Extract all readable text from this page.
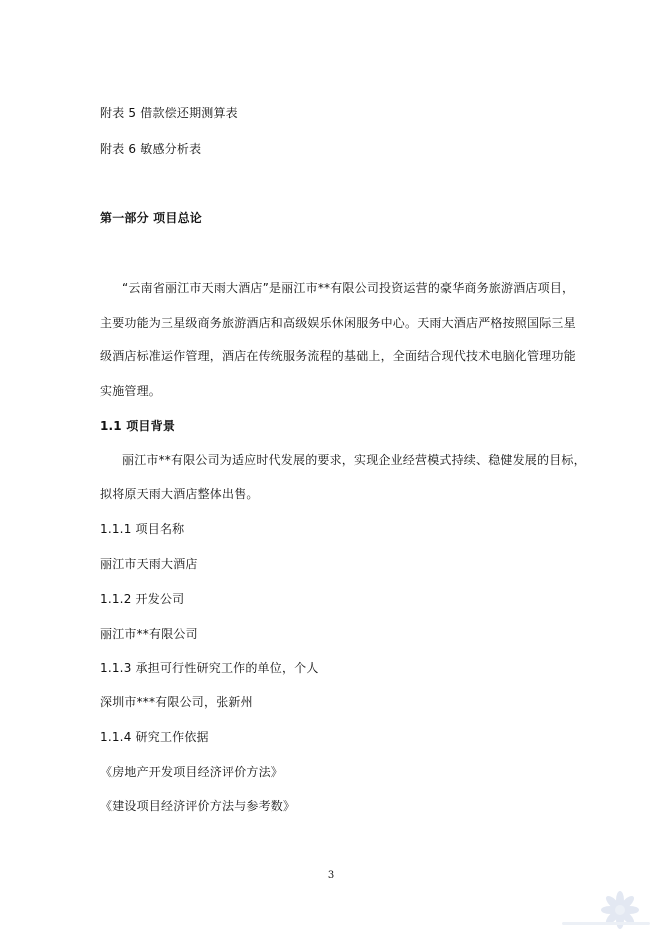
附表 5 借款偿还期测算表
附表 6 敏感分析表
第一部分 项目总论
“云南省丽江市天雨大酒店”是丽江市**有限公司投资运营的豪华商务旅游酒店项目，
主要功能为三星级商务旅游酒店和高级娱乐休闲服务中心。天雨大酒店严格按照国际三星
级酒店标准运作管理，酒店在传统服务流程的基础上，全面结合现代技术电脑化管理功能
实施管理。
1.1 项目背景
丽江市**有限公司为适应时代发展的要求，实现企业经营模式持续、稳健发展的目标，
拟将原天雨大酒店整体出售。
1.1.1 项目名称
丽江市天雨大酒店
1.1.2 开发公司
丽江市**有限公司
1.1.3 承担可行性研究工作的单位，个人
深圳市***有限公司，张新州
1.1.4 研究工作依据
《房地产开发项目经济评价方法》
《建设项目经济评价方法与参考数》
3
